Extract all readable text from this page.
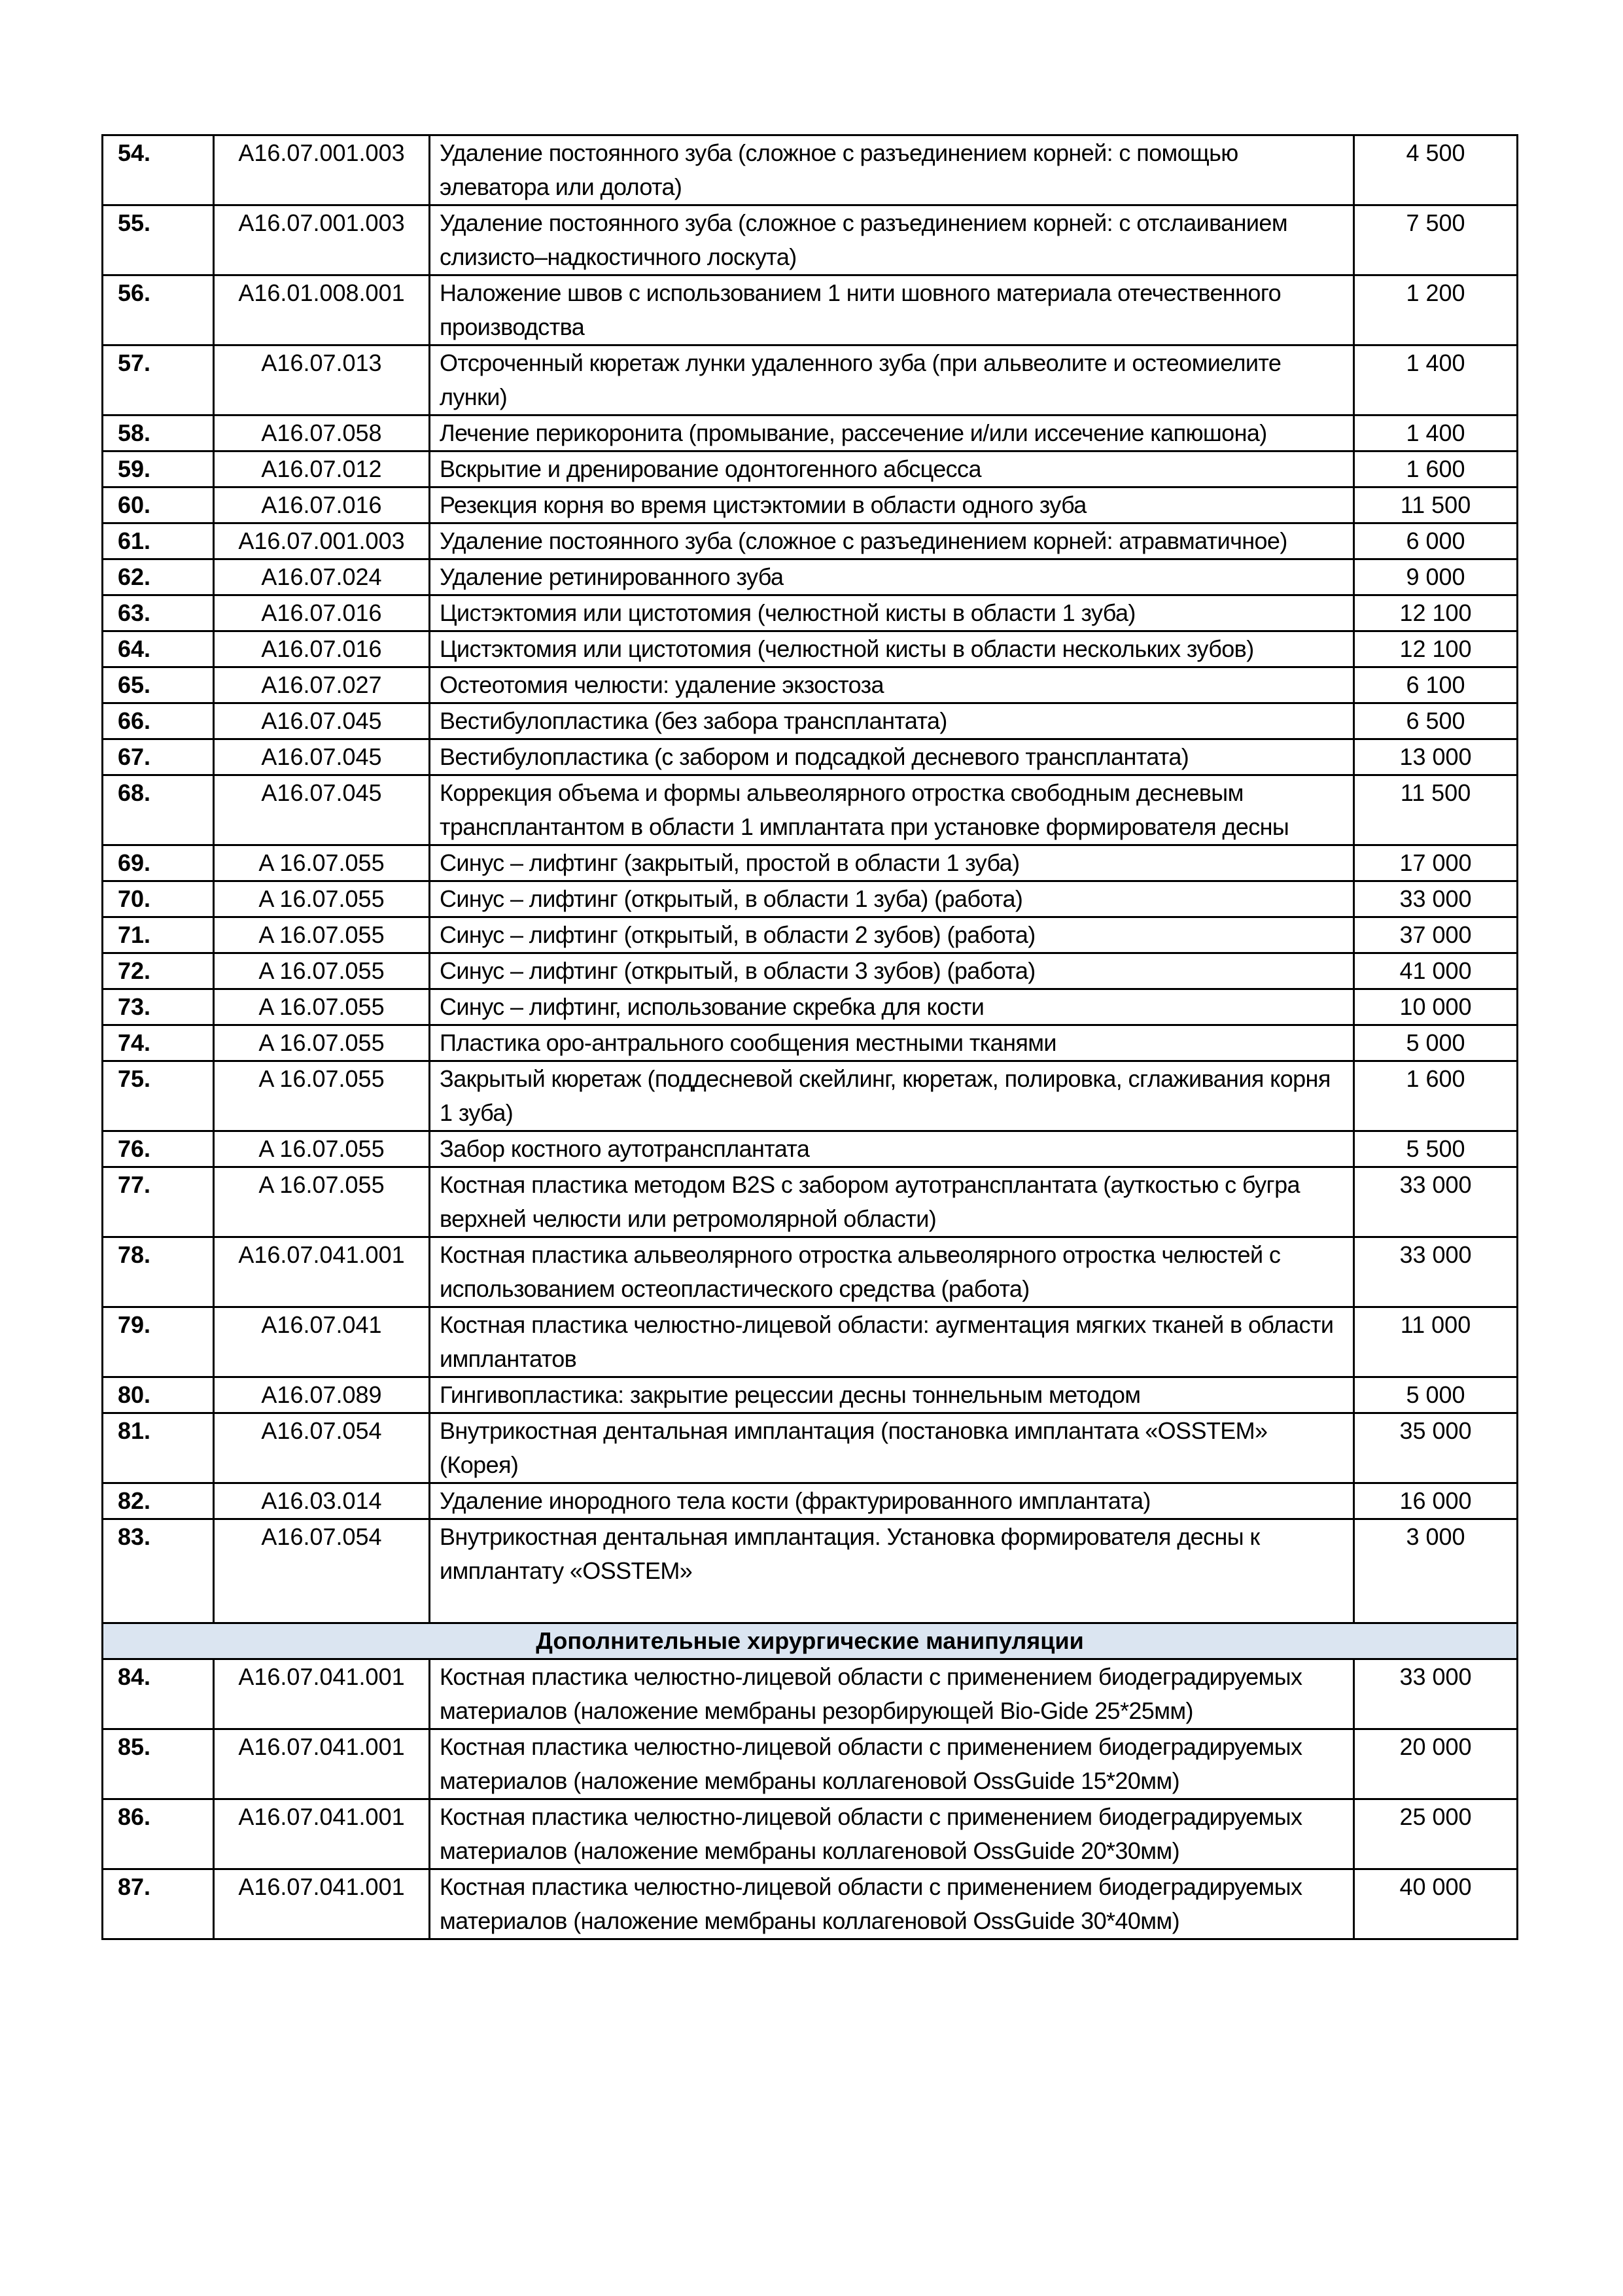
54.	A16.07.001.003	Удаление постоянного зуба (сложное с разъединением корней: с помощью элеватора или долота)	4 500
55.	A16.07.001.003	Удаление постоянного зуба (сложное с разъединением корней: с отслаиванием слизисто–надкостичного лоскута)	7 500
56.	A16.01.008.001	Наложение швов с использованием 1 нити шовного материала отечественного производства	1 200
57.	A16.07.013	Отсроченный кюретаж лунки удаленного зуба (при альвеолите и остеомиелите лунки)	1 400
58.	A16.07.058	Лечение перикоронита (промывание, рассечение и/или иссечение капюшона)	1 400
59.	A16.07.012	Вскрытие и дренирование одонтогенного абсцесса	1 600
60.	A16.07.016	Резекция корня во время цистэктомии в области одного зуба	11 500
61.	A16.07.001.003	Удаление постоянного зуба (сложное с разъединением корней: атравматичное)	6 000
62.	A16.07.024	Удаление ретинированного зуба	9 000
63.	A16.07.016	Цистэктомия или цистотомия (челюстной кисты в области 1 зуба)	12 100
64.	A16.07.016	Цистэктомия или цистотомия (челюстной кисты в области нескольких зубов)	12 100
65.	A16.07.027	Остеотомия челюсти: удаление экзостоза	6 100
66.	A16.07.045	Вестибулопластика (без забора трансплантата)	6 500
67.	A16.07.045	Вестибулопластика (с забором и подсадкой десневого трансплантата)	13 000
68.	A16.07.045	Коррекция объема и формы альвеолярного отростка свободным десневым трансплантантом в области 1 имплантата при установке формирователя десны	11 500
69.	A 16.07.055	Синус – лифтинг (закрытый, простой в области 1 зуба)	17 000
70.	A 16.07.055	Синус – лифтинг (открытый, в области 1 зуба) (работа)	33 000
71.	A 16.07.055	Синус – лифтинг (открытый, в области 2 зубов) (работа)	37 000
72.	A 16.07.055	Синус – лифтинг (открытый, в области 3 зубов) (работа)	41 000
73.	A 16.07.055	Синус – лифтинг, использование скребка для кости	10 000
74.	A 16.07.055	Пластика оро-антрального сообщения местными тканями	5 000
75.	A 16.07.055	Закрытый кюретаж (поддесневой скейлинг, кюретаж, полировка, сглаживания корня 1 зуба)	1 600
76.	A 16.07.055	Забор костного аутотрансплантата	5 500
77.	A 16.07.055	Костная пластика методом B2S с забором аутотрансплантата (ауткостью с бугра верхней челюсти или ретромолярной области)	33 000
78.	A16.07.041.001	Костная пластика альвеолярного отростка альвеолярного отростка челюстей с использованием остеопластического средства (работа)	33 000
79.	A16.07.041	Костная пластика челюстно-лицевой области: аугментация мягких тканей в области имплантатов	11 000
80.	A16.07.089	Гингивопластика: закрытие рецессии десны тоннельным методом	5 000
81.	A16.07.054	Внутрикостная дентальная имплантация (постановка имплантата «OSSTEM» (Корея)	35 000
82.	A16.03.014	Удаление инородного тела кости (фрактурированного имплантата)	16 000
83.	A16.07.054	Внутрикостная дентальная имплантация. Установка формирователя десны к имплантату «OSSTEM»	3 000
Дополнительные хирургические манипуляции			
84.	A16.07.041.001	Костная пластика челюстно-лицевой области с применением биодеградируемых материалов (наложение мембраны резорбирующей Bio-Gide 25*25мм)	33 000
85.	A16.07.041.001	Костная пластика челюстно-лицевой области с применением биодеградируемых материалов (наложение мембраны коллагеновой OssGuide 15*20мм)	20 000
86.	A16.07.041.001	Костная пластика челюстно-лицевой области с применением биодеградируемых материалов (наложение мембраны коллагеновой OssGuide 20*30мм)	25 000
87.	A16.07.041.001	Костная пластика челюстно-лицевой области с применением биодеградируемых материалов (наложение мембраны коллагеновой OssGuide 30*40мм)	40 000
